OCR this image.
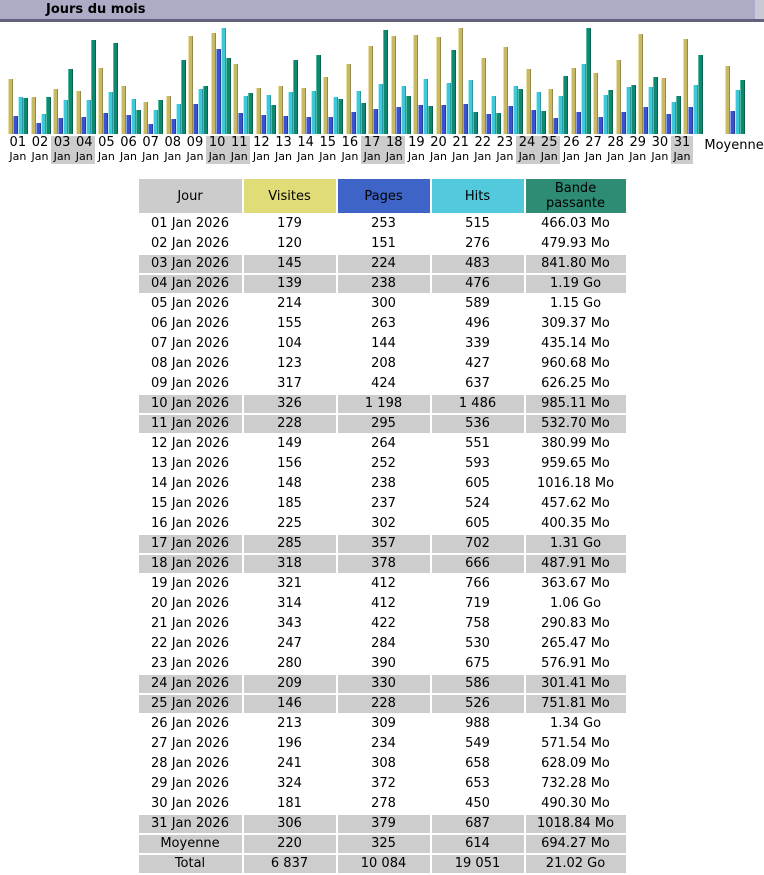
Jours du mois
01
Jan
02
Jan
03
Jan
04
Jan
05
Jan
06
Jan
07
Jan
08
Jan
09
Jan
10
Jan
11
Jan
12
Jan
13
Jan
14
Jan
15
Jan
16
Jan
17
Jan
18
Jan
19
Jan
20
Jan
21
Jan
22
Jan
23
Jan
24
Jan
25
Jan
26
Jan
27
Jan
28
Jan
29
Jan
30
Jan
31
Jan
Moyenne
Jour	Visites	Pages	Hits	Bande passante
01 Jan 2026	179	253	515	466.03 Mo
02 Jan 2026	120	151	276	479.93 Mo
03 Jan 2026	145	224	483	841.80 Mo
04 Jan 2026	139	238	476	1.19 Go
05 Jan 2026	214	300	589	1.15 Go
06 Jan 2026	155	263	496	309.37 Mo
07 Jan 2026	104	144	339	435.14 Mo
08 Jan 2026	123	208	427	960.68 Mo
09 Jan 2026	317	424	637	626.25 Mo
10 Jan 2026	326	1 198	1 486	985.11 Mo
11 Jan 2026	228	295	536	532.70 Mo
12 Jan 2026	149	264	551	380.99 Mo
13 Jan 2026	156	252	593	959.65 Mo
14 Jan 2026	148	238	605	1016.18 Mo
15 Jan 2026	185	237	524	457.62 Mo
16 Jan 2026	225	302	605	400.35 Mo
17 Jan 2026	285	357	702	1.31 Go
18 Jan 2026	318	378	666	487.91 Mo
19 Jan 2026	321	412	766	363.67 Mo
20 Jan 2026	314	412	719	1.06 Go
21 Jan 2026	343	422	758	290.83 Mo
22 Jan 2026	247	284	530	265.47 Mo
23 Jan 2026	280	390	675	576.91 Mo
24 Jan 2026	209	330	586	301.41 Mo
25 Jan 2026	146	228	526	751.81 Mo
26 Jan 2026	213	309	988	1.34 Go
27 Jan 2026	196	234	549	571.54 Mo
28 Jan 2026	241	308	658	628.09 Mo
29 Jan 2026	324	372	653	732.28 Mo
30 Jan 2026	181	278	450	490.30 Mo
31 Jan 2026	306	379	687	1018.84 Mo
Moyenne	220	325	614	694.27 Mo
Total	6 837	10 084	19 051	21.02 Go
